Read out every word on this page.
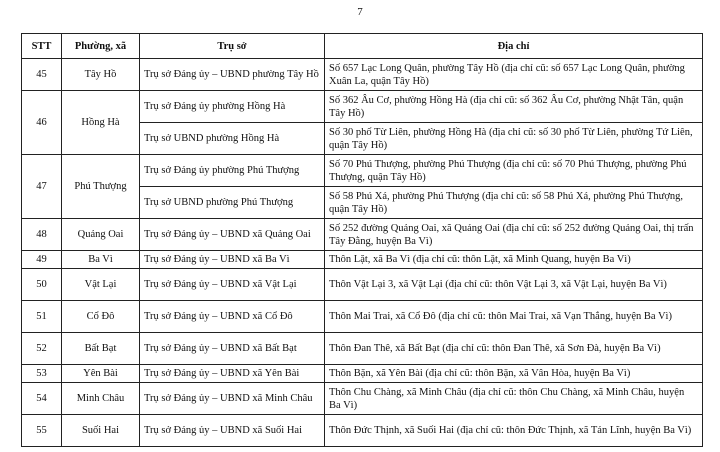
7
STT	Phường, xã	Trụ sở	Địa chỉ
45	Tây Hồ	Trụ sở Đảng ủy – UBND phường Tây Hồ	Số 657 Lạc Long Quân, phường Tây Hồ (địa chỉ cũ: số 657 Lạc Long Quân, phường Xuân La, quận Tây Hồ)
46	Hồng Hà	Trụ sở Đảng ủy phường Hồng Hà	Số 362 Âu Cơ, phường Hồng Hà (địa chỉ cũ: số 362 Âu Cơ, phường Nhật Tân, quận Tây Hồ)
		Trụ sở UBND phường Hồng Hà	Số 30 phố Từ Liên, phường Hồng Hà (địa chỉ cũ: số 30 phố Từ Liên, phường Tứ Liên, quận Tây Hồ)
47	Phú Thượng	Trụ sở Đảng ủy phường Phú Thượng	Số 70 Phú Thượng, phường Phú Thượng (địa chỉ cũ: số 70 Phú Thượng, phường Phú Thượng, quận Tây Hồ)
		Trụ sở UBND phường Phú Thượng	Số 58 Phú Xá, phường Phú Thượng (địa chỉ cũ: số 58 Phú Xá, phường Phú Thượng, quận Tây Hồ)
48	Quảng Oai	Trụ sở Đảng ủy – UBND xã Quảng Oai	Số 252 đường Quảng Oai, xã Quảng Oai (địa chỉ cũ: số 252 đường Quảng Oai, thị trấn Tây Đằng, huyện Ba Vì)
49	Ba Vì	Trụ sở Đảng ủy – UBND xã Ba Vì	Thôn Lặt, xã Ba Vì (địa chỉ cũ: thôn Lặt, xã Minh Quang, huyện Ba Vì)
50	Vật Lại	Trụ sở Đảng ủy – UBND xã Vật Lại	Thôn Vật Lại 3, xã Vật Lại (địa chỉ cũ: thôn Vật Lại 3, xã Vật Lại, huyện Ba Vì)
51	Cổ Đô	Trụ sở Đảng ủy – UBND xã Cổ Đô	Thôn Mai Trai, xã Cổ Đô (địa chỉ cũ: thôn Mai Trai, xã Vạn Thắng, huyện Ba Vì)
52	Bất Bạt	Trụ sở Đảng ủy – UBND xã Bất Bạt	Thôn Đan Thê, xã Bất Bạt (địa chỉ cũ: thôn Đan Thê, xã Sơn Đà, huyện Ba Vì)
53	Yên Bài	Trụ sở Đảng ủy – UBND xã Yên Bài	Thôn Bặn, xã Yên Bài (địa chỉ cũ: thôn Bặn, xã Vân Hòa, huyện Ba Vì)
54	Minh Châu	Trụ sở Đảng ủy – UBND xã Minh Châu	Thôn Chu Chàng, xã Minh Châu (địa chỉ cũ: thôn Chu Chàng, xã Minh Châu, huyện Ba Vì)
55	Suối Hai	Trụ sở Đảng ủy – UBND xã Suối Hai	Thôn Đức Thịnh, xã Suối Hai (địa chỉ cũ: thôn Đức Thịnh, xã Tản Lĩnh, huyện Ba Vì)
